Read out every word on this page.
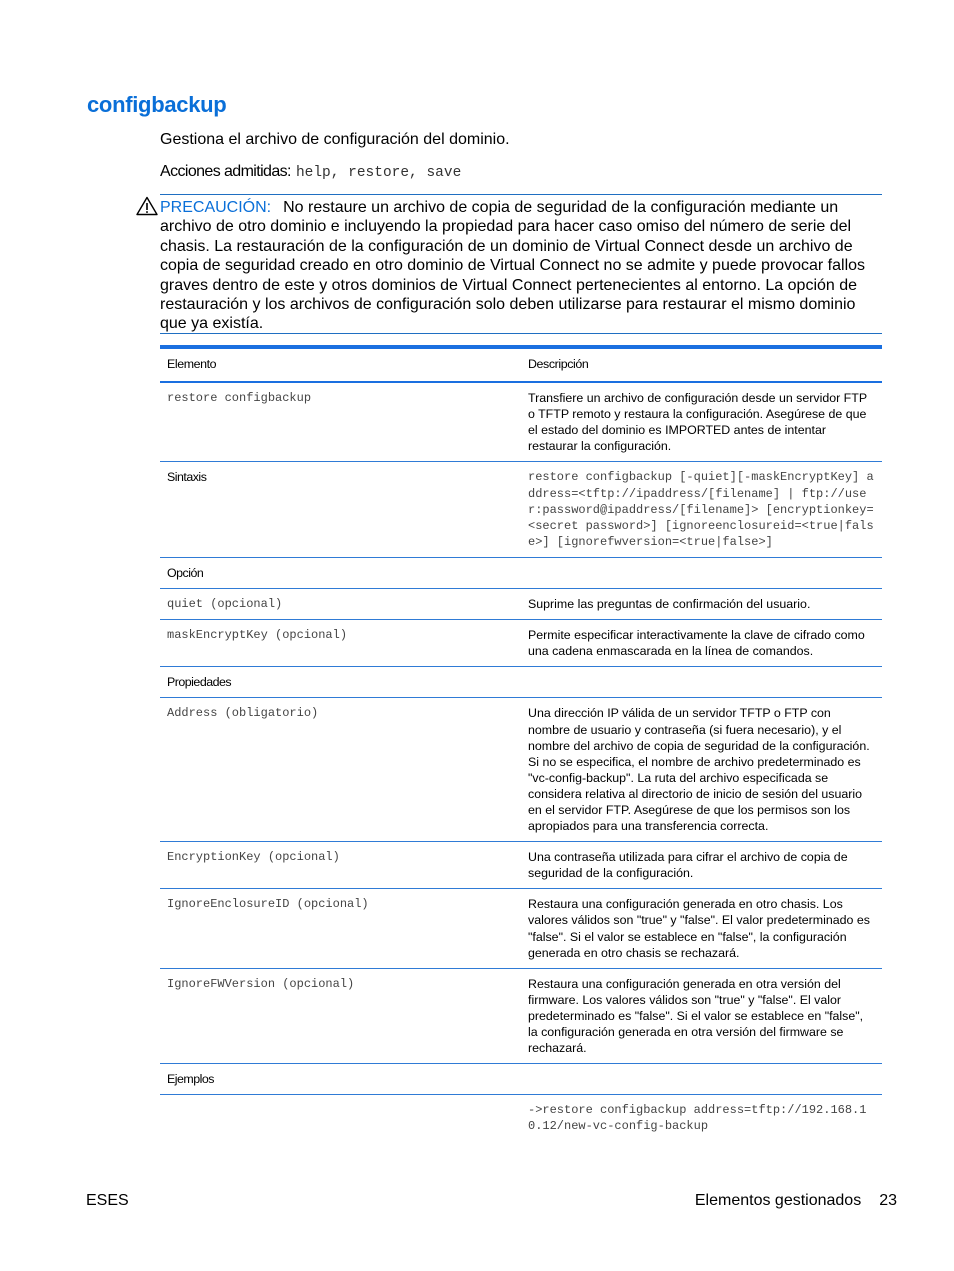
configbackup

Gestiona el archivo de configuración del dominio.

Acciones admitidas: help, restore, save

PRECAUCIÓN: No restaure un archivo de copia de seguridad de la configuración mediante un archivo de otro dominio e incluyendo la propiedad para hacer caso omiso del número de serie del chasis. La restauración de la configuración de un dominio de Virtual Connect desde un archivo de copia de seguridad creado en otro dominio de Virtual Connect no se admite y puede provocar fallos graves dentro de este y otros dominios de Virtual Connect pertenecientes al entorno. La opción de restauración y los archivos de configuración solo deben utilizarse para restaurar el mismo dominio que ya existía.

Elemento	Descripción
restore configbackup	Transfiere un archivo de configuración desde un servidor FTP o TFTP remoto y restaura la configuración. Asegúrese de que el estado del dominio es IMPORTED antes de intentar restaurar la configuración.
Sintaxis	restore configbackup [-quiet][-maskEncryptKey] address=<tftp://ipaddress/[filename] | ftp://user:password@ipaddress/[filename]> [encryptionkey=<secret password>] [ignoreenclosureid=<true|false>] [ignorefwversion=<true|false>]
Opción	
quiet (opcional)	Suprime las preguntas de confirmación del usuario.
maskEncryptKey (opcional)	Permite especificar interactivamente la clave de cifrado como una cadena enmascarada en la línea de comandos.
Propiedades	
Address (obligatorio)	Una dirección IP válida de un servidor TFTP o FTP con nombre de usuario y contraseña (si fuera necesario), y el nombre del archivo de copia de seguridad de la configuración. Si no se especifica, el nombre de archivo predeterminado es "vc-config-backup". La ruta del archivo especificada se considera relativa al directorio de inicio de sesión del usuario en el servidor FTP. Asegúrese de que los permisos son los apropiados para una transferencia correcta.
EncryptionKey (opcional)	Una contraseña utilizada para cifrar el archivo de copia de seguridad de la configuración.
IgnoreEnclosureID (opcional)	Restaura una configuración generada en otro chasis. Los valores válidos son "true" y "false". El valor predeterminado es "false". Si el valor se establece en "false", la configuración generada en otro chasis se rechazará.
IgnoreFWVersion (opcional)	Restaura una configuración generada en otra versión del firmware. Los valores válidos son "true" y "false". El valor predeterminado es "false". Si el valor se establece en "false", la configuración generada en otra versión del firmware se rechazará.
Ejemplos	
	->restore configbackup address=tftp://192.168.10.12/new-vc-config-backup
ESES	Elementos gestionados 23
